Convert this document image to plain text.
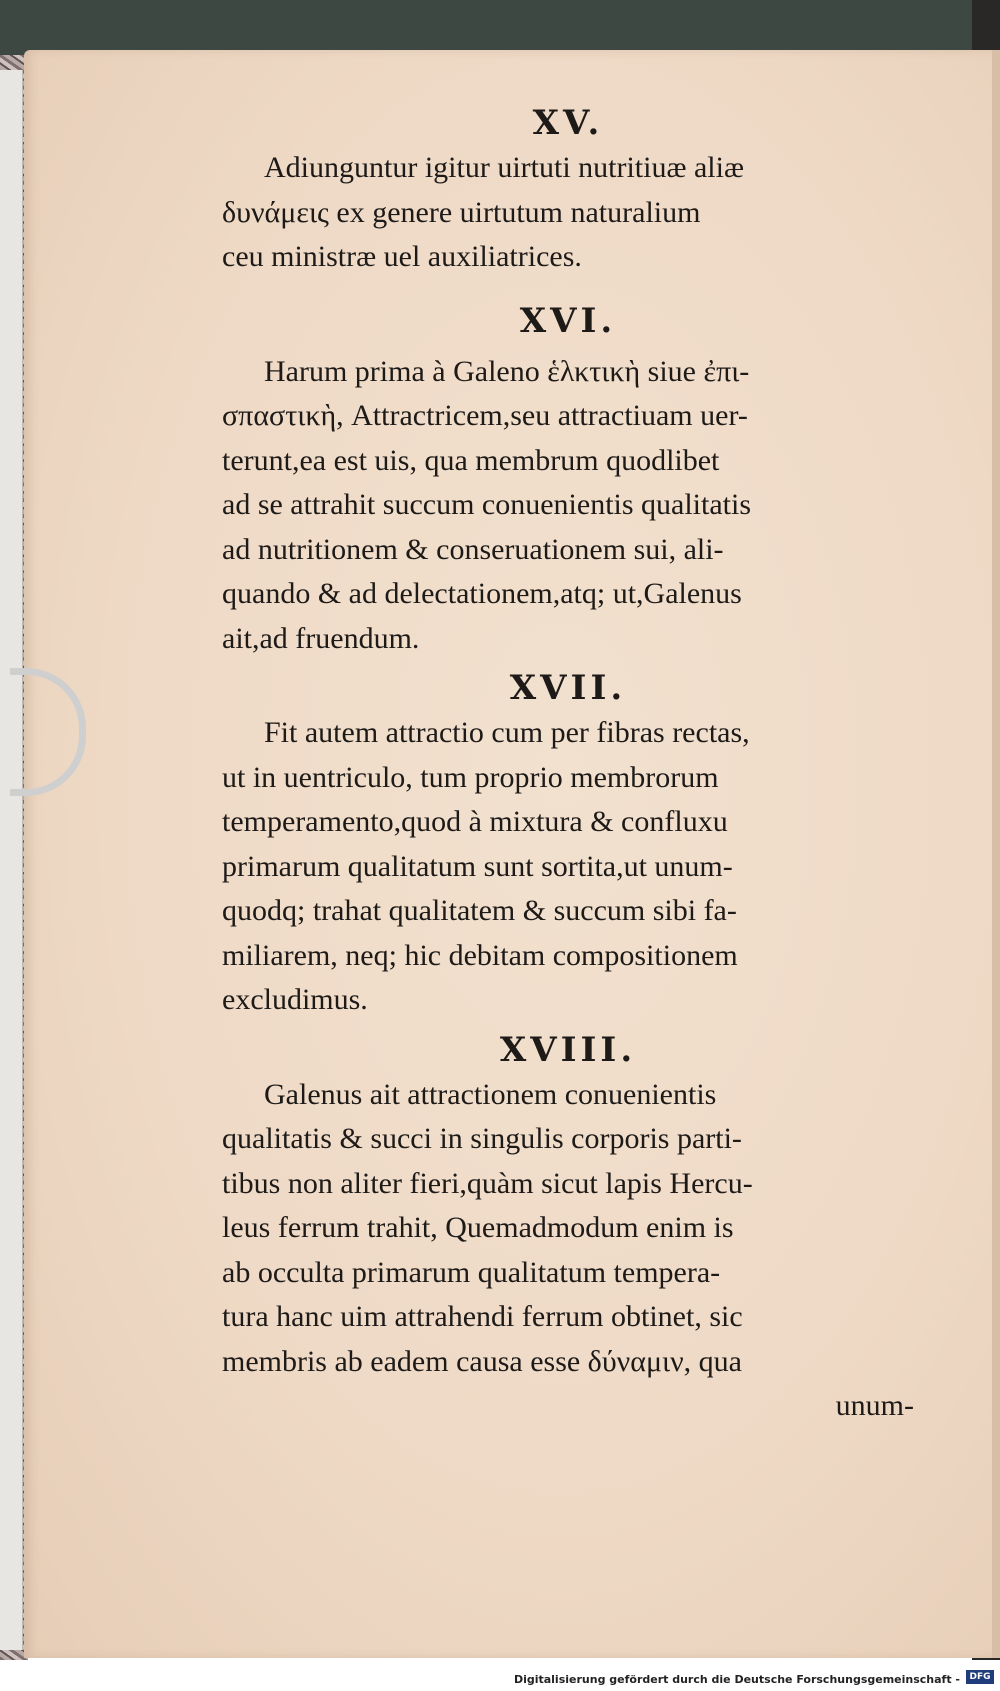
XV.

Adiunguntur igitur uirtuti nutritiuæ aliæ
δυνάμεις ex genere uirtutum naturalium
ceu ministræ uel auxiliatrices.

XVI.

Harum prima à Galeno ἑλκτικὴ siue ἐπι-
σπαστικὴ, Attractricem,seu attractiuam uer-
terunt,ea est uis, qua membrum quodlibet
ad se attrahit succum conuenientis qualitatis
ad nutritionem & conseruationem sui, ali-
quando & ad delectationem,atq; ut,Galenus
ait,ad fruendum.

XVII.

Fit autem attractio cum per fibras rectas,
ut in uentriculo, tum proprio membrorum
temperamento,quod à mixtura & confluxu
primarum qualitatum sunt sortita,ut unum-
quodq; trahat qualitatem & succum sibi fa-
miliarem, neq; hic debitam compositionem
excludimus.

XVIII.

Galenus ait attractionem conuenientis
qualitatis & succi in singulis corporis parti-
tibus non aliter fieri,quàm sicut lapis Hercu-
leus ferrum trahit, Quemadmodum enim is
ab occulta primarum qualitatum tempera-
tura hanc uim attrahendi ferrum obtinet, sic
membris ab eadem causa esse δύναμιν, qua
unum-

Digitalisierung gefördert durch die Deutsche Forschungsgemeinschaft -	DFG
